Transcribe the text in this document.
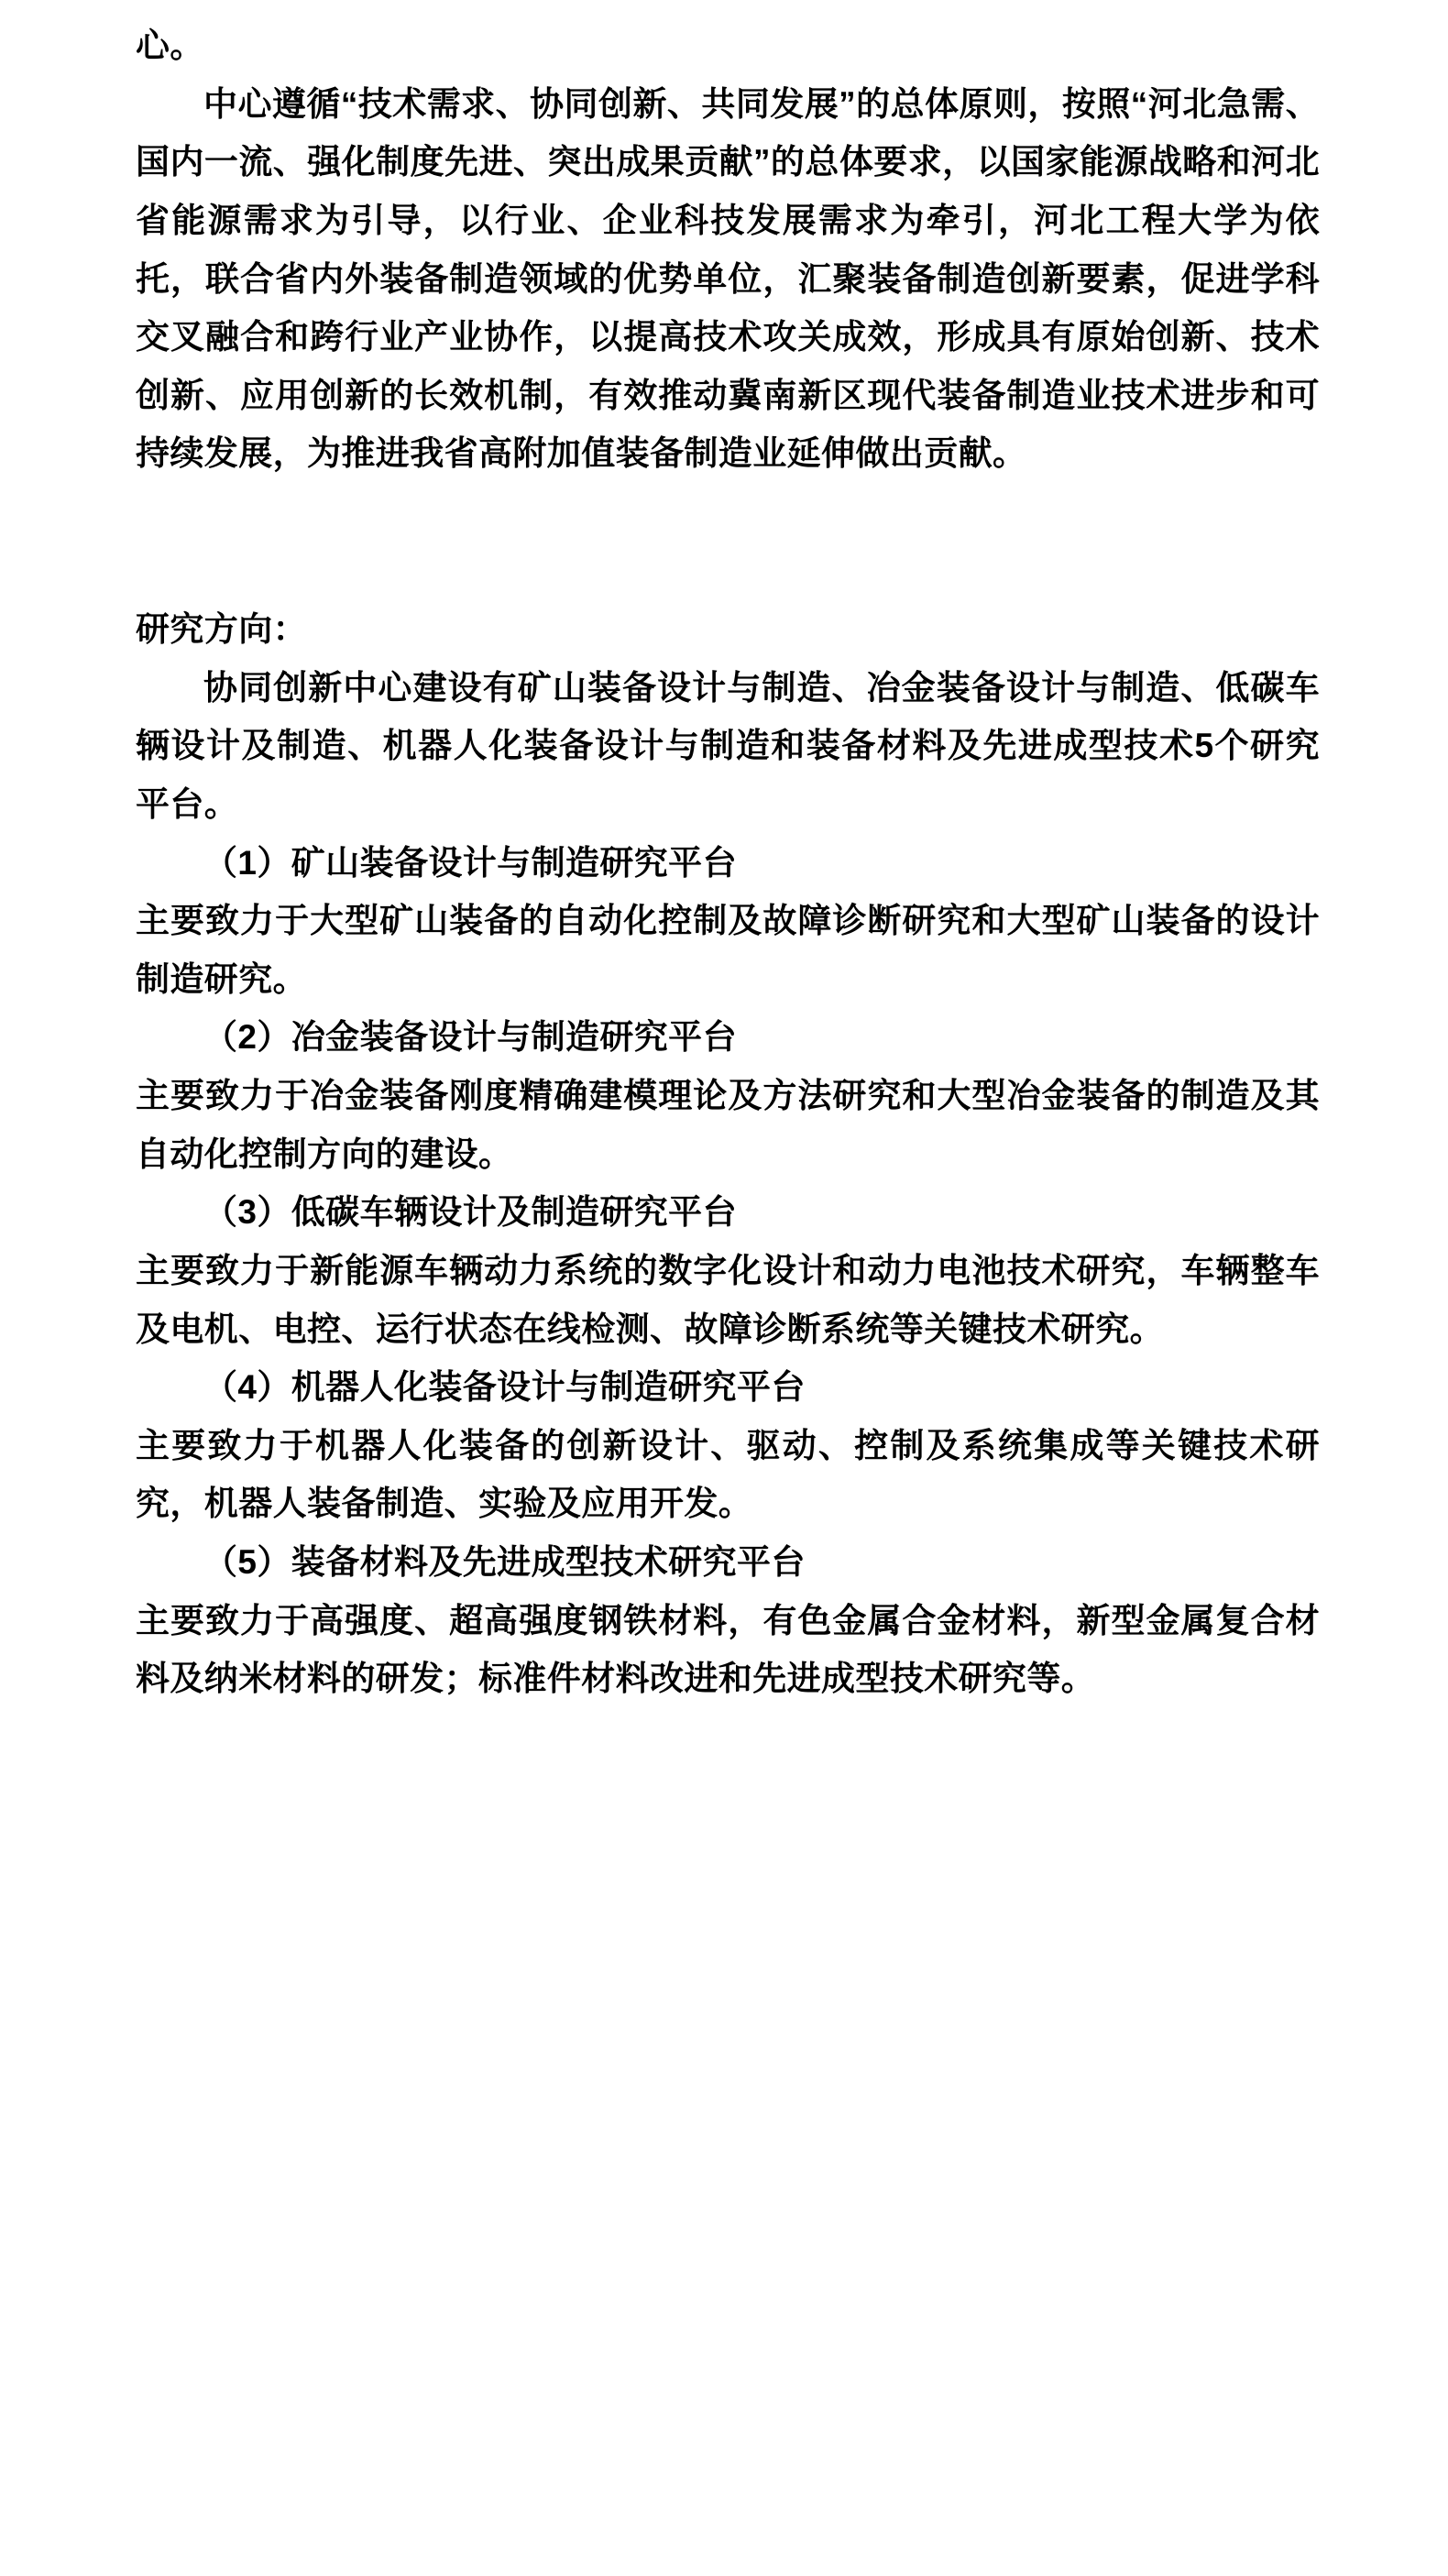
心。

中心遵循“技术需求、协同创新、共同发展”的总体原则，按照“河北急需、国内一流、强化制度先进、突出成果贡献”的总体要求，以国家能源战略和河北省能源需求为引导，以行业、企业科技发展需求为牵引，河北工程大学为依托，联合省内外装备制造领域的优势单位，汇聚装备制造创新要素，促进学科交叉融合和跨行业产业协作，以提高技术攻关成效，形成具有原始创新、技术创新、应用创新的长效机制，有效推动冀南新区现代装备制造业技术进步和可持续发展，为推进我省高附加值装备制造业延伸做出贡献。

研究方向：

协同创新中心建设有矿山装备设计与制造、冶金装备设计与制造、低碳车辆设计及制造、机器人化装备设计与制造和装备材料及先进成型技术5个研究平台。

（1）矿山装备设计与制造研究平台

主要致力于大型矿山装备的自动化控制及故障诊断研究和大型矿山装备的设计制造研究。

（2）冶金装备设计与制造研究平台

主要致力于冶金装备刚度精确建模理论及方法研究和大型冶金装备的制造及其自动化控制方向的建设。

（3）低碳车辆设计及制造研究平台

主要致力于新能源车辆动力系统的数字化设计和动力电池技术研究，车辆整车及电机、电控、运行状态在线检测、故障诊断系统等关键技术研究。

（4）机器人化装备设计与制造研究平台

主要致力于机器人化装备的创新设计、驱动、控制及系统集成等关键技术研究，机器人装备制造、实验及应用开发。

（5）装备材料及先进成型技术研究平台

主要致力于高强度、超高强度钢铁材料，有色金属合金材料，新型金属复合材料及纳米材料的研发；标准件材料改进和先进成型技术研究等。
